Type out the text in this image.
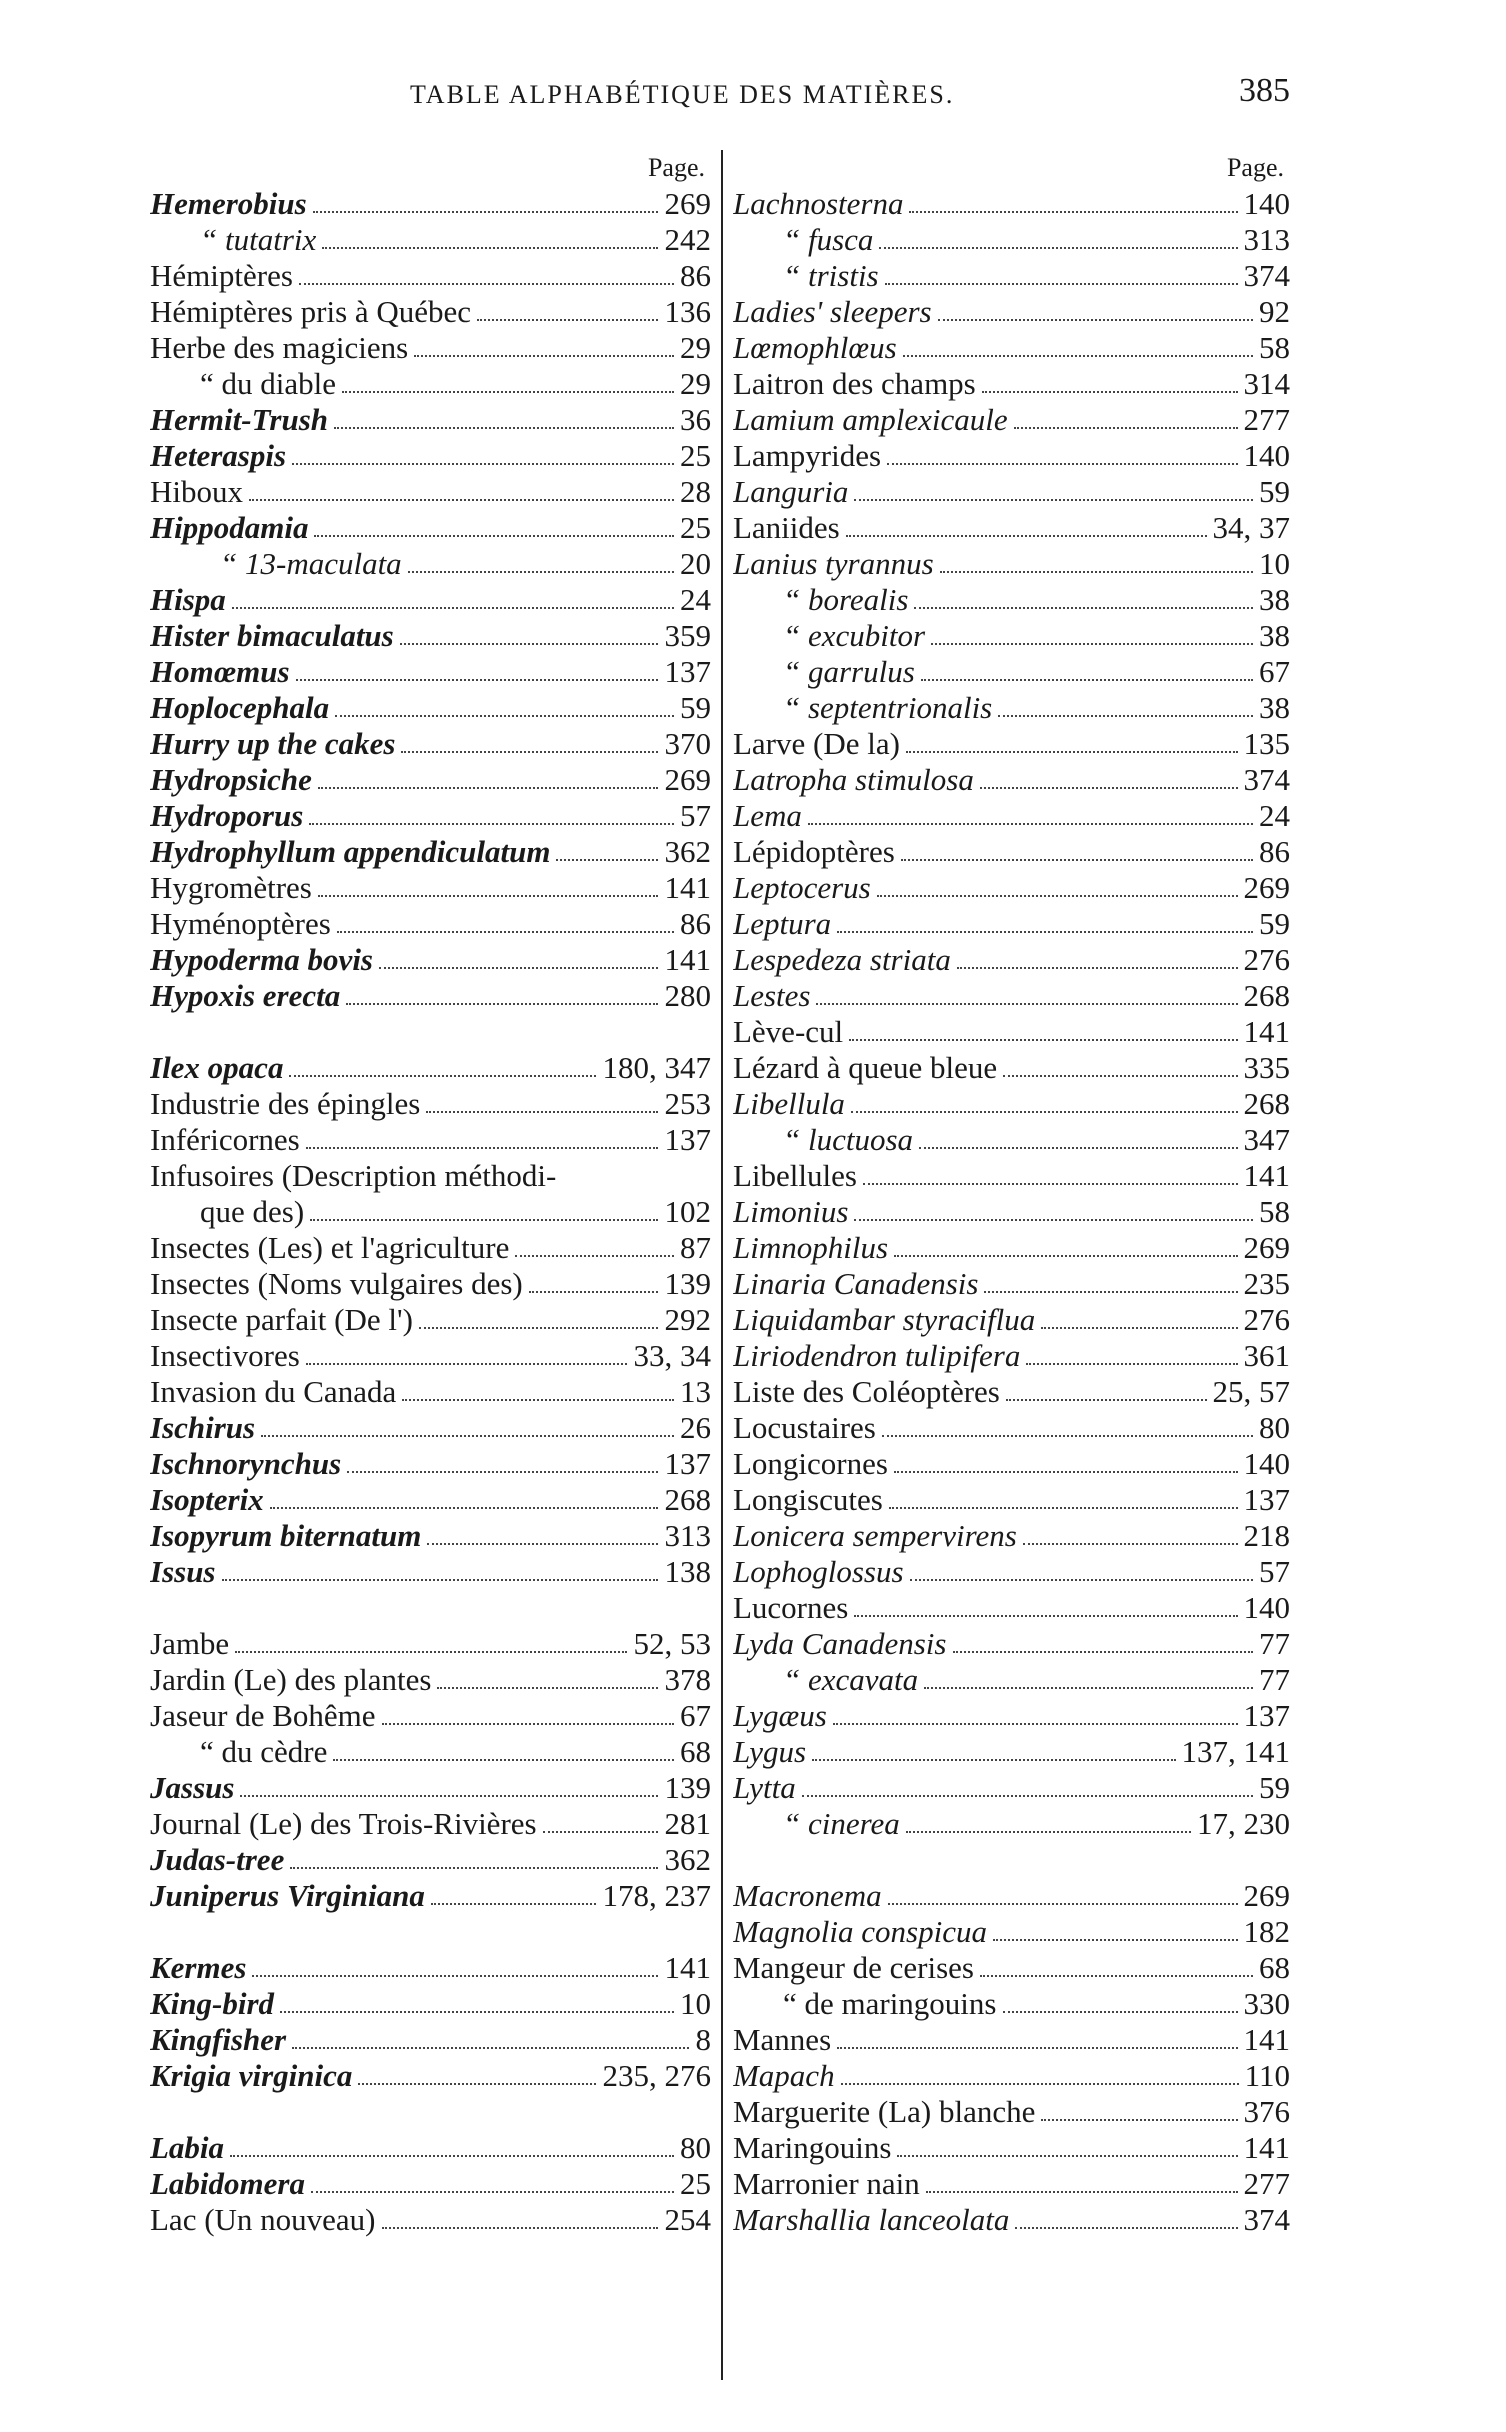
TABLE ALPHABÉTIQUE DES MATIÈRES.	385
Page.
Hemerobius	269
“ tutatrix	242
Hémiptères	86
Hémiptères pris à Québec	136
Herbe des magiciens	29
“ du diable	29
Hermit-Trush	36
Heteraspis	25
Hiboux	28
Hippodamia	25
“ 13-maculata	20
Hispa	24
Hister bimaculatus	359
Homœmus	137
Hoplocephala	59
Hurry up the cakes	370
Hydropsiche	269
Hydroporus	57
Hydrophyllum appendiculatum	362
Hygromètres	141
Hyménoptères	86
Hypoderma bovis	141
Hypoxis erecta	280
Ilex opaca	180, 347
Industrie des épingles	253
Inféricornes	137
Infusoires (Description méthodi-
que des)	102
Insectes (Les) et l'agriculture	87
Insectes (Noms vulgaires des)	139
Insecte parfait (De l')	292
Insectivores	33, 34
Invasion du Canada	13
Ischirus	26
Ischnorynchus	137
Isopterix	268
Isopyrum biternatum	313
Issus	138
Jambe	52, 53
Jardin (Le) des plantes	378
Jaseur de Bohême	67
“ du cèdre	68
Jassus	139
Journal (Le) des Trois-Rivières	281
Judas-tree	362
Juniperus Virginiana	178, 237
Kermes	141
King-bird	10
Kingfisher	8
Krigia virginica	235, 276
Labia	80
Labidomera	25
Lac (Un nouveau)	254
Page.
Lachnosterna	140
“ fusca	313
“ tristis	374
Ladies' sleepers	92
Lœmophlœus	58
Laitron des champs	314
Lamium amplexicaule	277
Lampyrides	140
Languria	59
Laniides	34, 37
Lanius tyrannus	10
“ borealis	38
“ excubitor	38
“ garrulus	67
“ septentrionalis	38
Larve (De la)	135
Latropha stimulosa	374
Lema	24
Lépidoptères	86
Leptocerus	269
Leptura	59
Lespedeza striata	276
Lestes	268
Lève-cul	141
Lézard à queue bleue	335
Libellula	268
“ luctuosa	347
Libellules	141
Limonius	58
Limnophilus	269
Linaria Canadensis	235
Liquidambar styraciflua	276
Liriodendron tulipifera	361
Liste des Coléoptères	25, 57
Locustaires	80
Longicornes	140
Longiscutes	137
Lonicera sempervirens	218
Lophoglossus	57
Lucornes	140
Lyda Canadensis	77
“ excavata	77
Lygæus	137
Lygus	137, 141
Lytta	59
“ cinerea	17, 230
Macronema	269
Magnolia conspicua	182
Mangeur de cerises	68
“ de maringouins	330
Mannes	141
Mapach	110
Marguerite (La) blanche	376
Maringouins	141
Marronier nain	277
Marshallia lanceolata	374
